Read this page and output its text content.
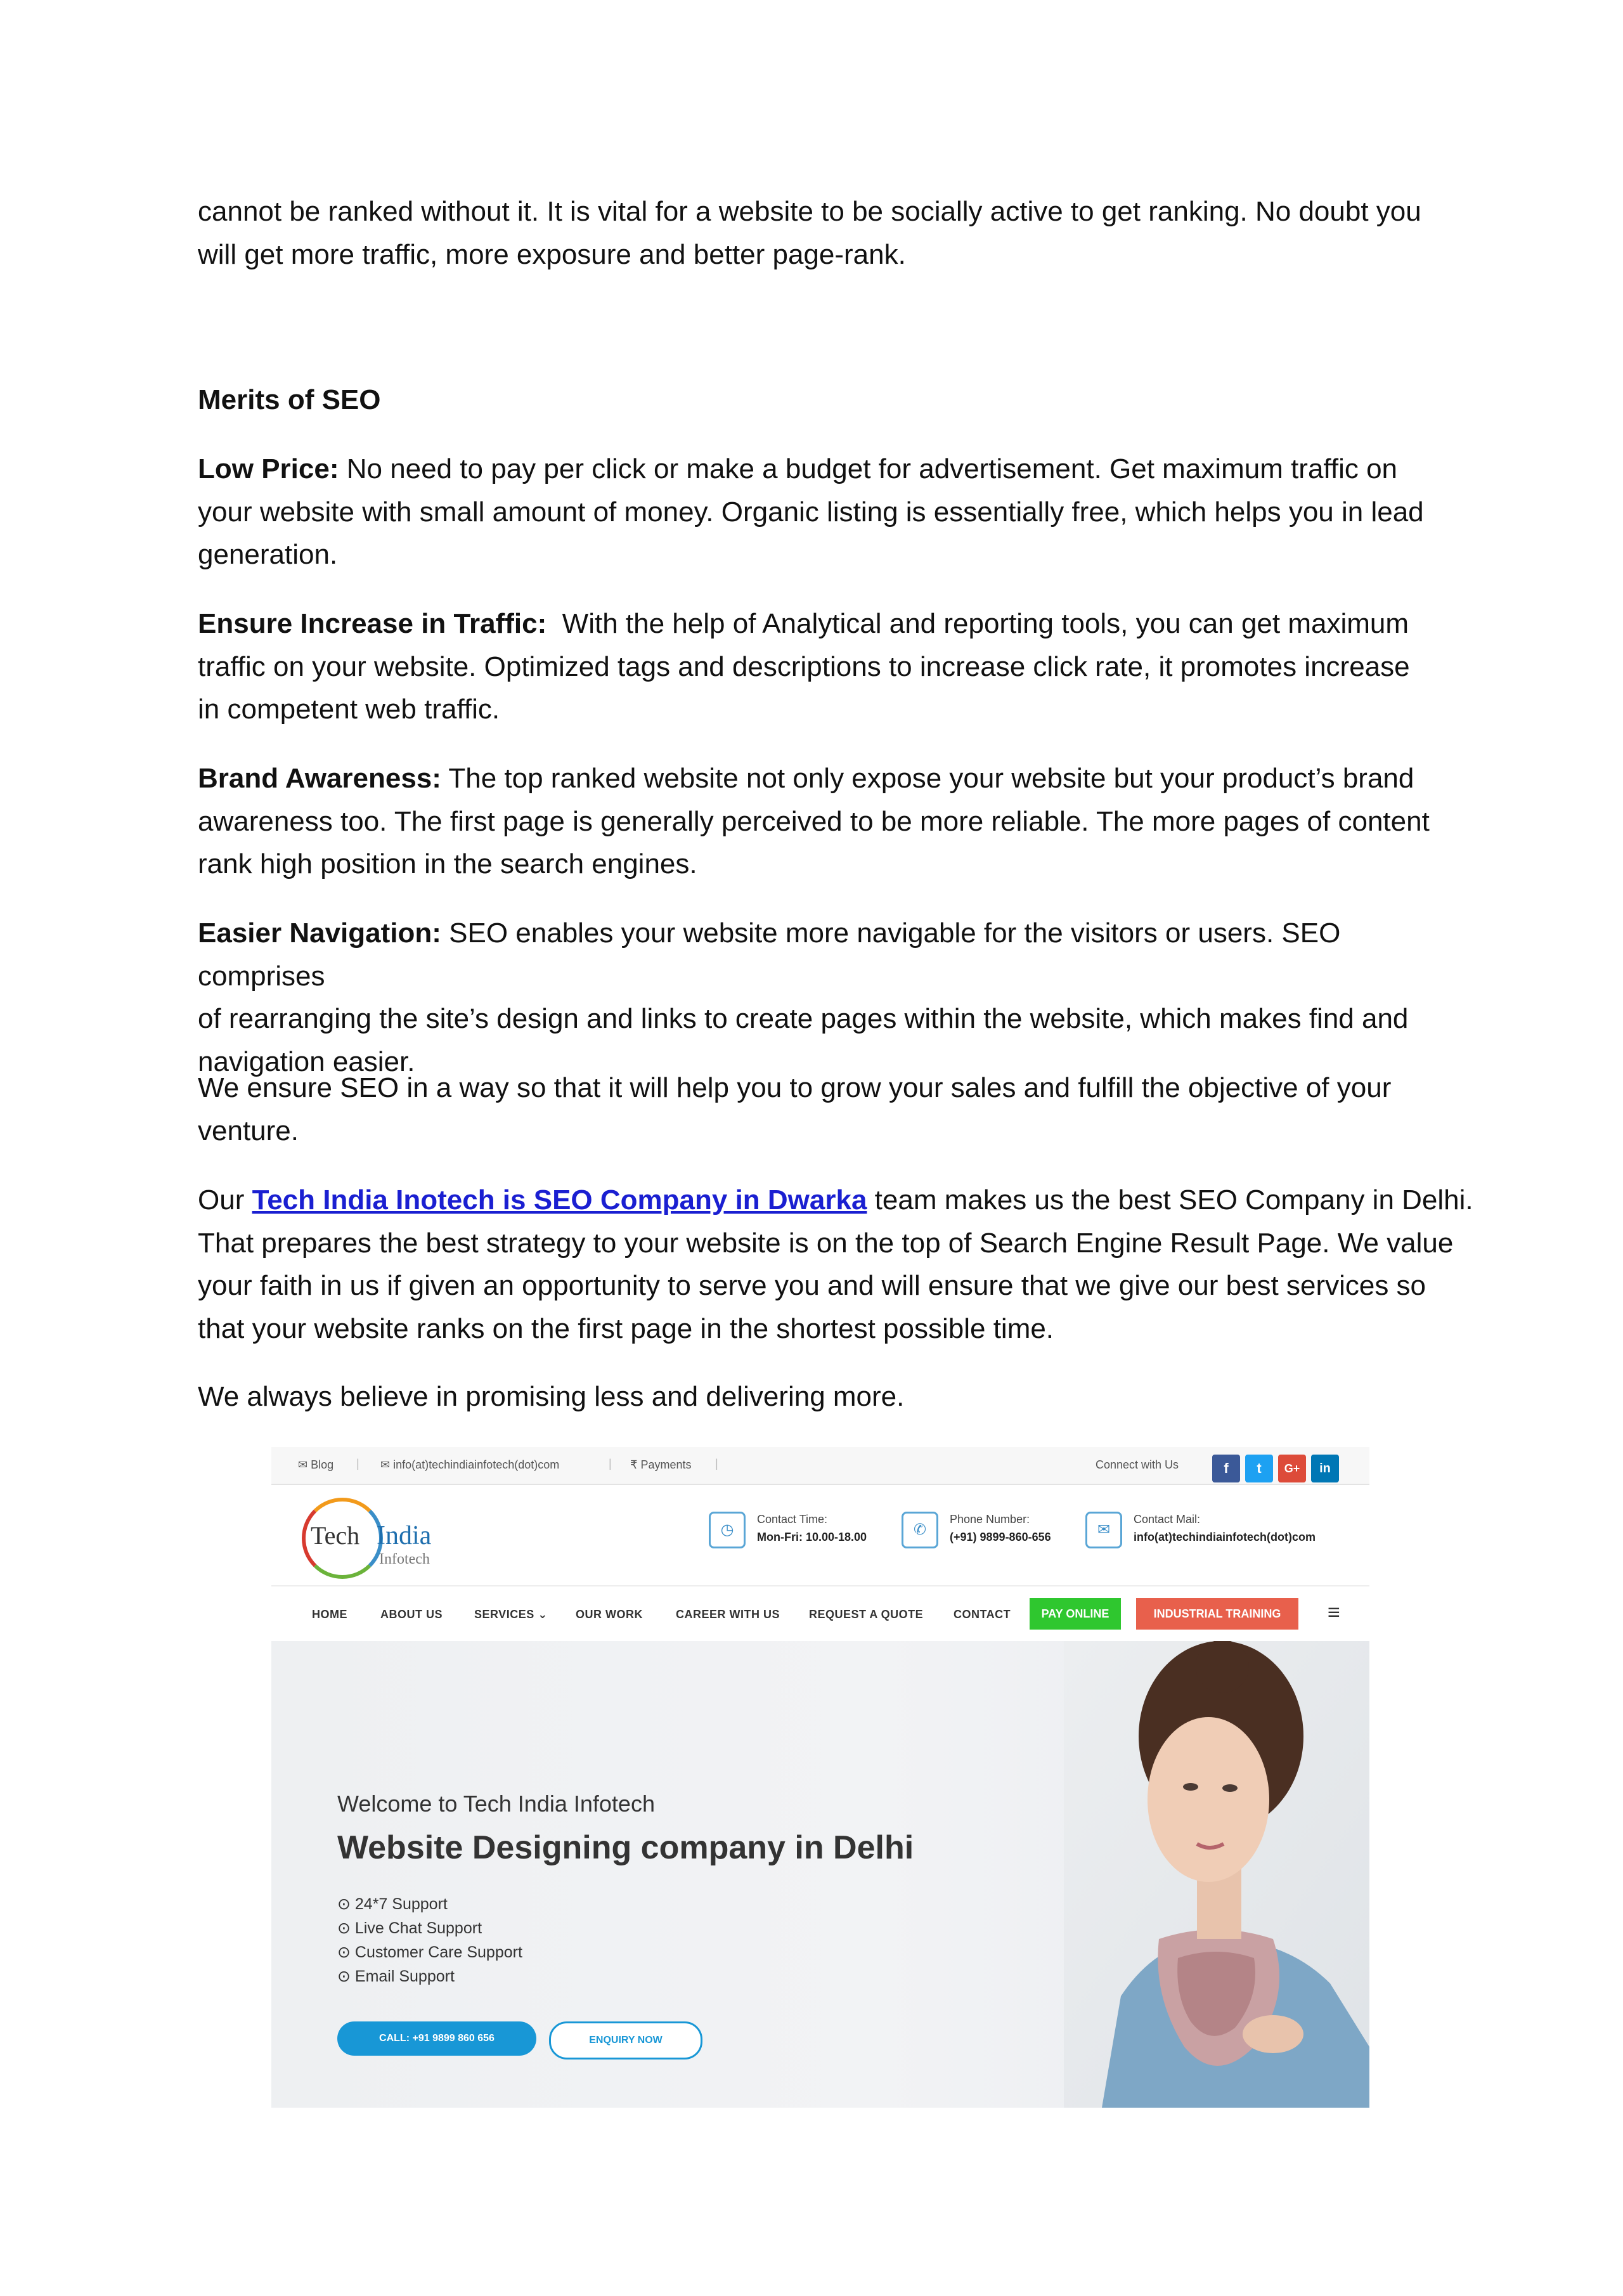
cannot be ranked without it. It is vital for a website to be socially active to get ranking. No doubt you

will get more traffic, more exposure and better page-rank.

Merits of SEO

Low Price: No need to pay per click or make a budget for advertisement. Get maximum traffic on

your website with small amount of money. Organic listing is essentially free, which helps you in lead

generation.

Ensure Increase in Traffic:  With the help of Analytical and reporting tools, you can get maximum

traffic on your website. Optimized tags and descriptions to increase click rate, it promotes increase

in competent web traffic.

Brand Awareness: The top ranked website not only expose your website but your product’s brand

awareness too. The first page is generally perceived to be more reliable. The more pages of content

rank high position in the search engines.

Easier Navigation: SEO enables your website more navigable for the visitors or users. SEO comprises

of rearranging the site’s design and links to create pages within the website, which makes find and

navigation easier.

We ensure SEO in a way so that it will help you to grow your sales and fulfill the objective of your

venture.

Our Tech India Inotech is SEO Company in Dwarka team makes us the best SEO Company in Delhi.

That prepares the best strategy to your website is on the top of Search Engine Result Page. We value

your faith in us if given an opportunity to serve you and will ensure that we give our best services so

that your website ranks on the first page in the shortest possible time.

We always believe in promising less and delivering more.

✉ Blog | ✉ info(at)techindiainfotech(dot)com	| ₹ Payments |	Connect with Us	f	t	G+	in
Tech India
Infotech
◷
Contact Time:
Mon-Fri: 10.00-18.00	✆
Phone Number:
(+91) 9899-860-656	✉
Contact Mail:
info(at)techindiainfotech(dot)com
HOME	ABOUT US	SERVICES ⌄ OUR WORK	CAREER WITH US	REQUEST A QUOTE	CONTACT	PAY ONLINE	INDUSTRIAL TRAINING	≡
Welcome to Tech India Infotech
Website Designing company in Delhi
⊙ 24*7 Support
⊙ Live Chat Support
⊙ Customer Care Support
⊙ Email Support
CALL: +91 9899 860 656	ENQUIRY NOW
